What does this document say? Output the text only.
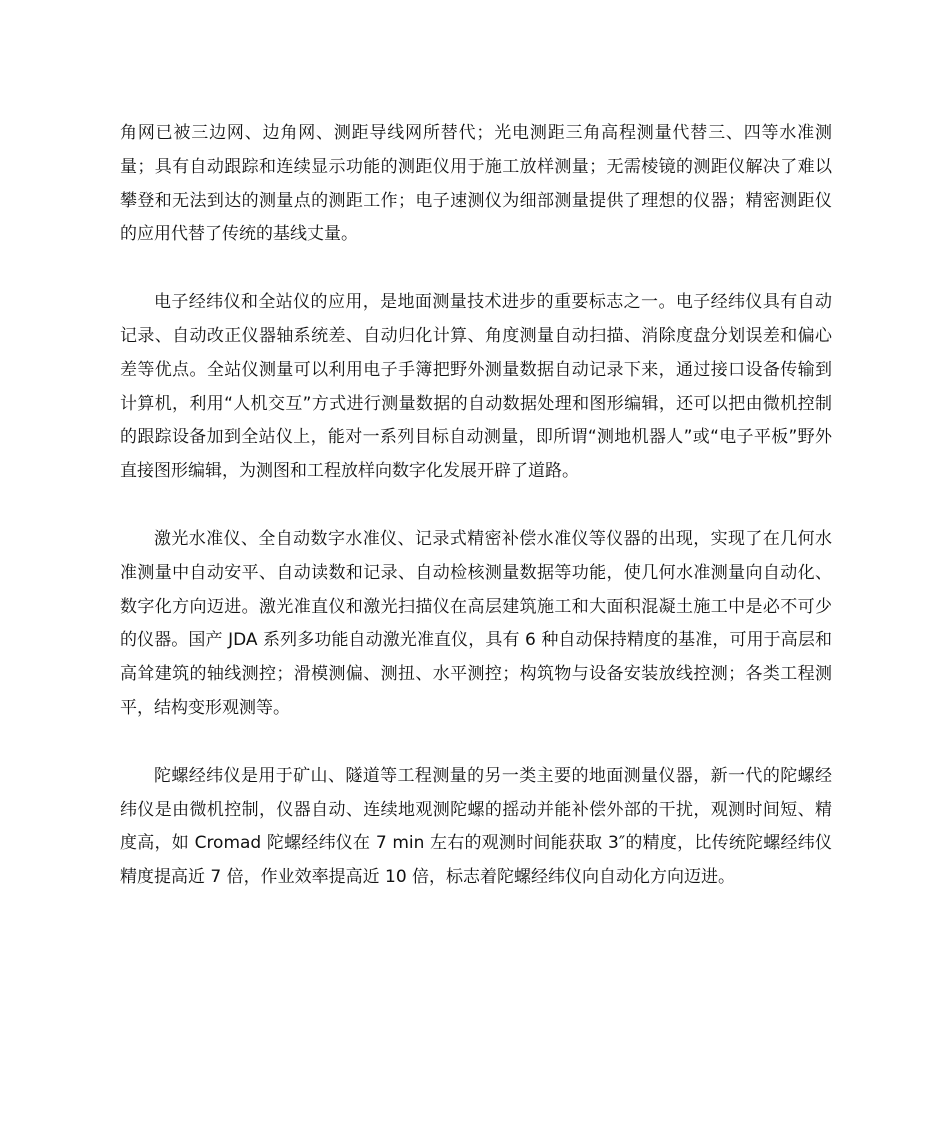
角网已被三边网、边角网、测距导线网所替代；光电测距三角高程测量代替三、四等水准测量；具有自动跟踪和连续显示功能的测距仪用于施工放样测量；无需棱镜的测距仪解决了难以攀登和无法到达的测量点的测距工作；电子速测仪为细部测量提供了理想的仪器；精密测距仪的应用代替了传统的基线丈量。

电子经纬仪和全站仪的应用，是地面测量技术进步的重要标志之一。电子经纬仪具有自动记录、自动改正仪器轴系统差、自动归化计算、角度测量自动扫描、消除度盘分划误差和偏心差等优点。全站仪测量可以利用电子手簿把野外测量数据自动记录下来，通过接口设备传输到计算机，利用“人机交互”方式进行测量数据的自动数据处理和图形编辑，还可以把由微机控制的跟踪设备加到全站仪上，能对一系列目标自动测量，即所谓“测地机器人”或“电子平板”野外直接图形编辑，为测图和工程放样向数字化发展开辟了道路。

激光水准仪、全自动数字水准仪、记录式精密补偿水准仪等仪器的出现，实现了在几何水准测量中自动安平、自动读数和记录、自动检核测量数据等功能，使几何水准测量向自动化、数字化方向迈进。激光准直仪和激光扫描仪在高层建筑施工和大面积混凝土施工中是必不可少的仪器。国产 JDA 系列多功能自动激光准直仪，具有 6 种自动保持精度的基准，可用于高层和高耸建筑的轴线测控；滑模测偏、测扭、水平测控；构筑物与设备安装放线控测；各类工程测平，结构变形观测等。

陀螺经纬仪是用于矿山、隧道等工程测量的另一类主要的地面测量仪器，新一代的陀螺经纬仪是由微机控制，仪器自动、连续地观测陀螺的摇动并能补偿外部的干扰，观测时间短、精度高，如 Cromad 陀螺经纬仪在 7 min 左右的观测时间能获取 3″的精度，比传统陀螺经纬仪精度提高近 7 倍，作业效率提高近 10 倍，标志着陀螺经纬仪向自动化方向迈进。
